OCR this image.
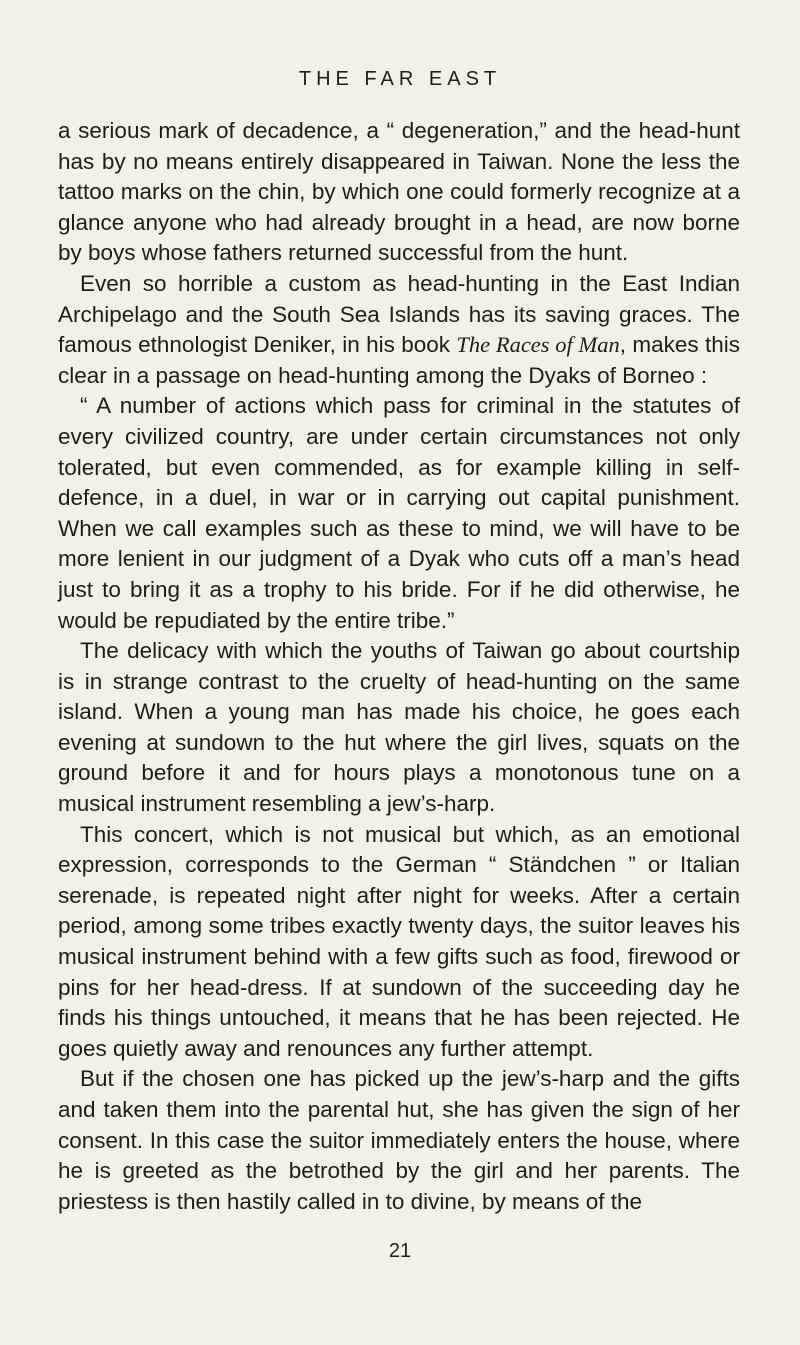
THE FAR EAST

a serious mark of decadence, a “ degeneration,” and the head-hunt has by no means entirely disappeared in Taiwan. None the less the tattoo marks on the chin, by which one could formerly recognize at a glance anyone who had already brought in a head, are now borne by boys whose fathers returned successful from the hunt.

Even so horrible a custom as head-hunting in the East Indian Archipelago and the South Sea Islands has its saving graces. The famous ethnologist Deniker, in his book The Races of Man, makes this clear in a passage on head-hunting among the Dyaks of Borneo :

“ A number of actions which pass for criminal in the statutes of every civilized country, are under certain circumstances not only tolerated, but even commended, as for example killing in self-defence, in a duel, in war or in carrying out capital punishment. When we call examples such as these to mind, we will have to be more lenient in our judgment of a Dyak who cuts off a man’s head just to bring it as a trophy to his bride. For if he did otherwise, he would be repudiated by the entire tribe.”

The delicacy with which the youths of Taiwan go about courtship is in strange contrast to the cruelty of head-hunting on the same island. When a young man has made his choice, he goes each evening at sundown to the hut where the girl lives, squats on the ground before it and for hours plays a monotonous tune on a musical instrument resembling a jew’s-harp.

This concert, which is not musical but which, as an emotional expression, corresponds to the German “ Ständchen ” or Italian serenade, is repeated night after night for weeks. After a certain period, among some tribes exactly twenty days, the suitor leaves his musical instrument behind with a few gifts such as food, firewood or pins for her head-dress. If at sundown of the succeeding day he finds his things untouched, it means that he has been rejected. He goes quietly away and renounces any further attempt.

But if the chosen one has picked up the jew’s-harp and the gifts and taken them into the parental hut, she has given the sign of her consent. In this case the suitor immediately enters the house, where he is greeted as the betrothed by the girl and her parents. The priestess is then hastily called in to divine, by means of the

21
